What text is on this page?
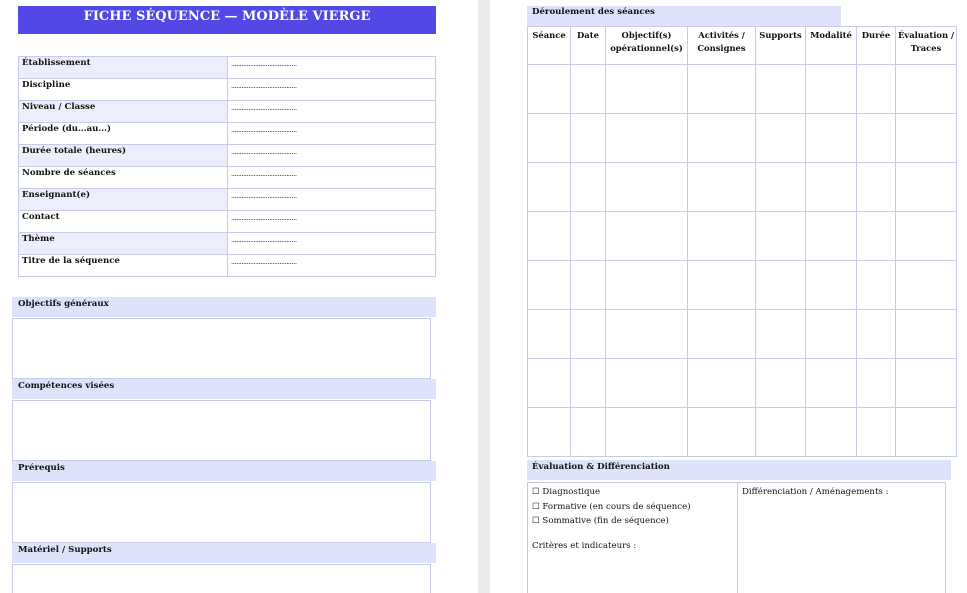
FICHE SÉQUENCE — MODÈLE VIERGE
Établissement	......................................
Discipline	......................................
Niveau / Classe	......................................
Période (du…au…)	......................................
Durée totale (heures)	......................................
Nombre de séances	......................................
Enseignant(e)	......................................
Contact	......................................
Thème	......................................
Titre de la séquence	......................................
Objectifs généraux
Compétences visées
Prérequis
Matériel / Supports
Déroulement des séances
Séance	Date	Objectif(s) opérationnel(s)	Activités / Consignes	Supports	Modalité	Durée	Évaluation / Traces

Évaluation & Différenciation
☐ Diagnostique
☐ Formative (en cours de séquence)
☐ Sommative (fin de séquence)
Critères et indicateurs :

Différenciation / Aménagements :
